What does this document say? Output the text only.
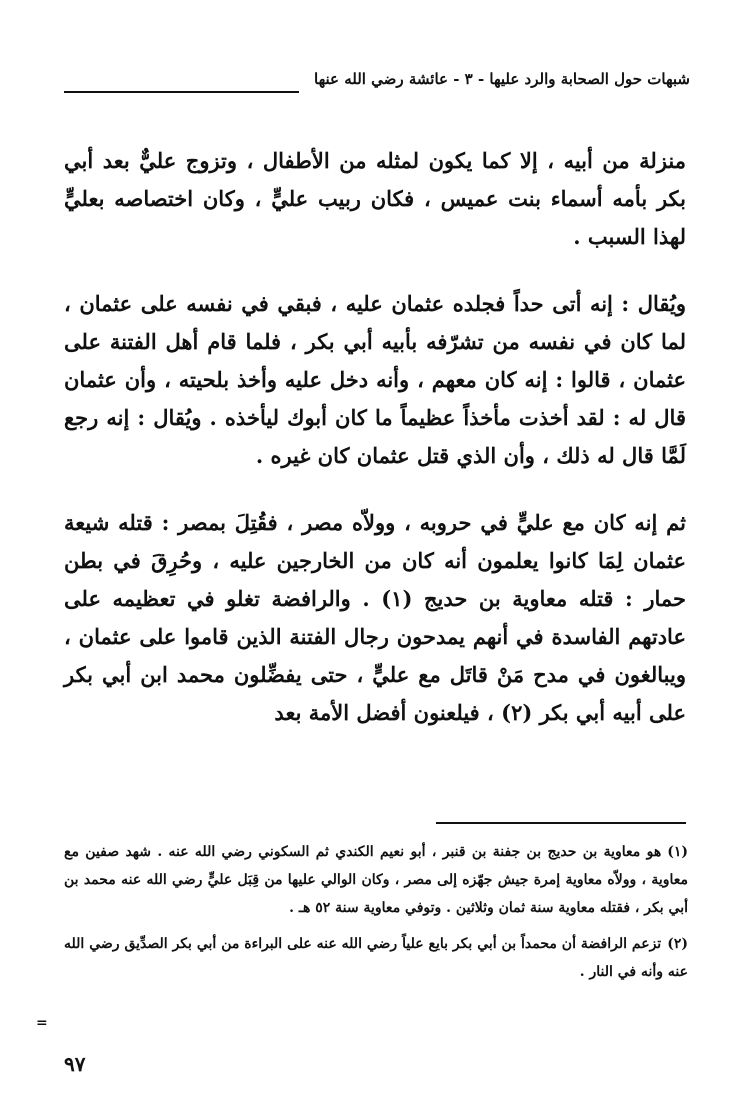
شبهات حول الصحابة والرد عليها - ٣ - عائشة رضي الله عنها

منزلة من أبيه ، إلا كما يكون لمثله من الأطفال ، وتزوج عليٌّ بعد أبي بكر بأمه أسماء بنت عميس ، فكان ربيب عليٍّ ، وكان اختصاصه بعليٍّ لهذا السبب .

ويُقال : إنه أتى حداً فجلده عثمان عليه ، فبقي في نفسه على عثمان ، لما كان في نفسه من تشرّفه بأبيه أبي بكر ، فلما قام أهل الفتنة على عثمان ، قالوا : إنه كان معهم ، وأنه دخل عليه وأخذ بلحيته ، وأن عثمان قال له : لقد أخذت مأخذاً عظيماً ما كان أبوك ليأخذه . ويُقال : إنه رجع لَمَّا قال له ذلك ، وأن الذي قتل عثمان كان غيره .

ثم إنه كان مع عليٍّ في حروبه ، وولاّه مصر ، فقُتِلَ بمصر : قتله شيعة عثمان لِمَا كانوا يعلمون أنه كان من الخارجين عليه ، وحُرِقَ في بطن حمار : قتله معاوية بن حديج (١) . والرافضة تغلو في تعظيمه على عادتهم الفاسدة في أنهم يمدحون رجال الفتنة الذين قاموا على عثمان ، ويبالغون في مدح مَنْ قاتَل مع عليٍّ ، حتى يفضِّلون محمد ابن أبي بكر على أبيه أبي بكر (٢) ، فيلعنون أفضل الأمة بعد

(١)هو معاوية بن حديج بن جفنة بن قنبر ، أبو نعيم الكندي ثم السكوني رضي الله عنه . شهد صفين مع معاوية ، وولاّه معاوية إمرة جيش جهّزه إلى مصر ، وكان الوالي عليها من قِبَل عليٍّ رضي الله عنه محمد بن أبي بكر ، فقتله معاوية سنة ثمان وثلاثين . وتوفي معاوية سنة ٥٢ هـ .

(٢)تزعم الرافضة أن محمداً بن أبي بكر بايع علياً رضي الله عنه على البراءة من أبي بكر الصدِّيق رضي الله عنه وأنه في النار .

=
٩٧
